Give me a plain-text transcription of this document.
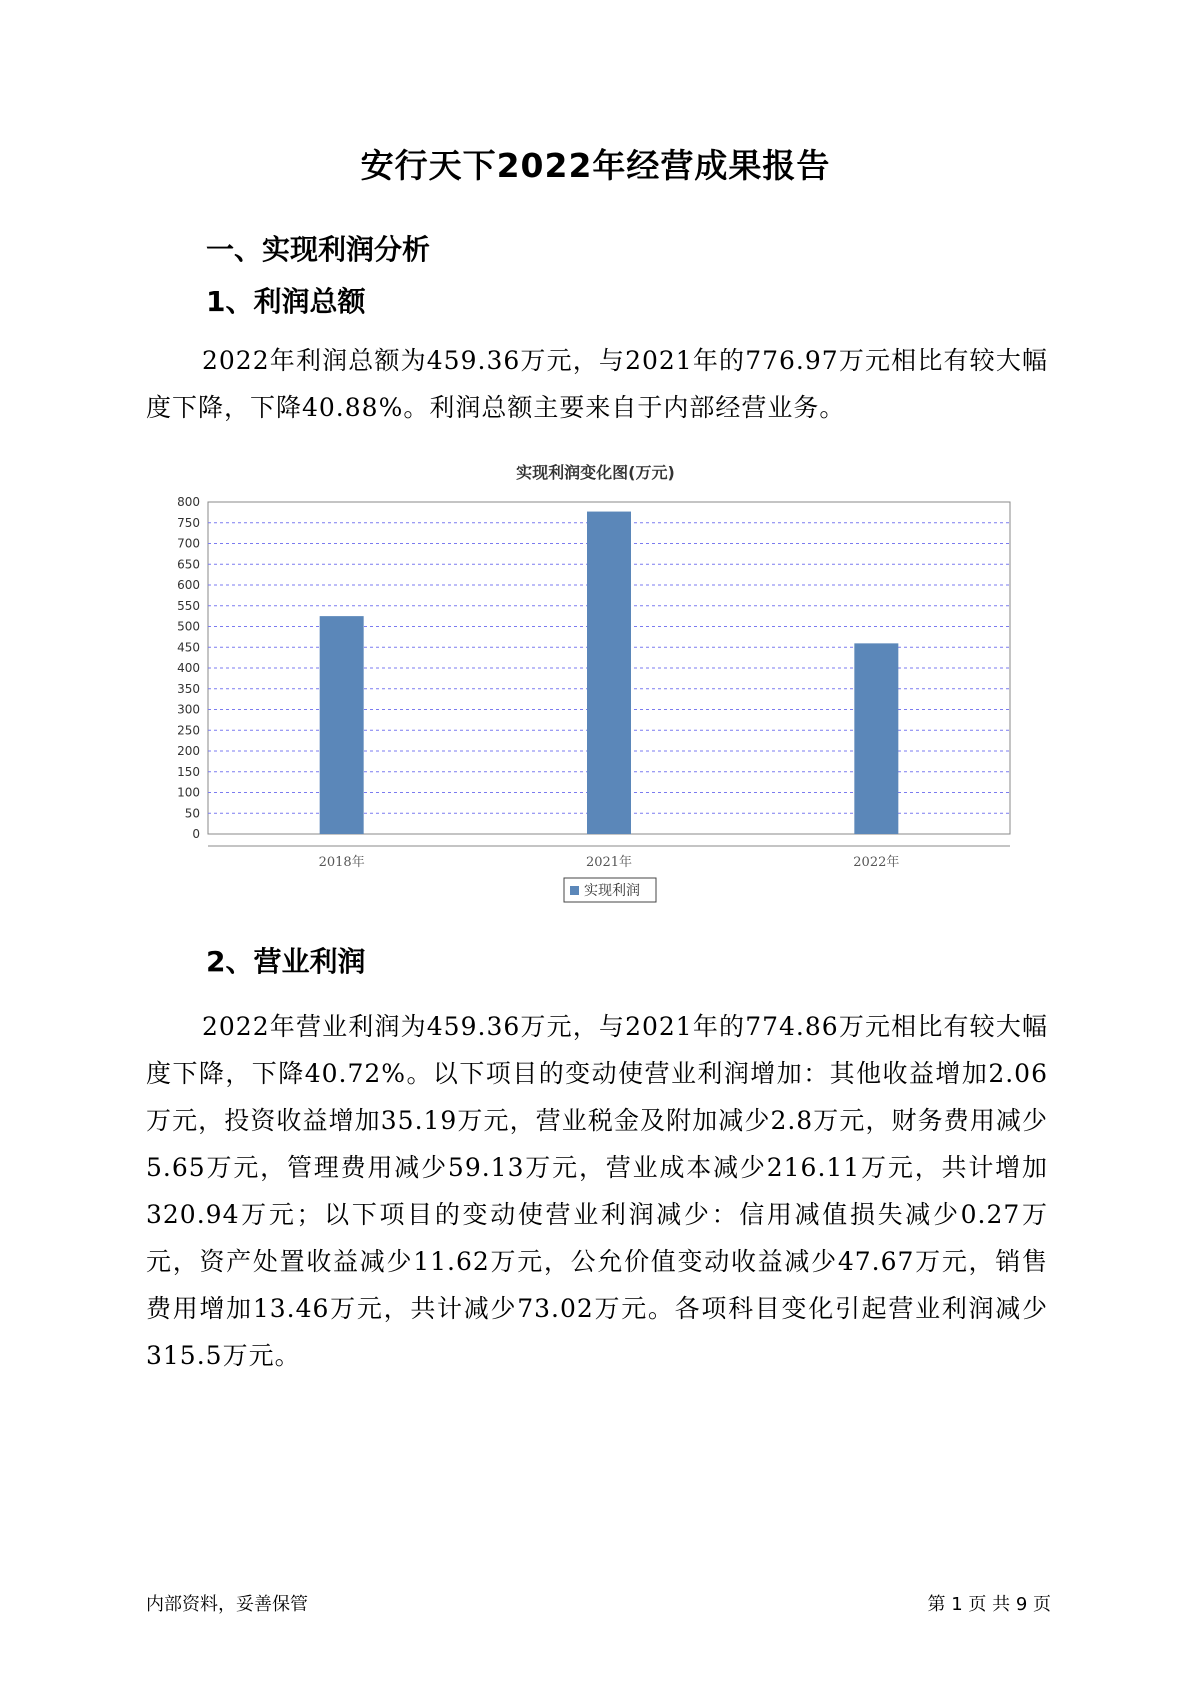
安行天下2022年经营成果报告
一、实现利润分析
1、利润总额
2022年利润总额为459.36万元，与2021年的776.97万元相比有较大幅度下降，下降40.88%。利润总额主要来自于内部经营业务。
实现利润变化图(万元)
0
50
100
150
200
250
300
350
400
450
500
550
600
650
700
750
800
2018年	2021年	2022年
实现利润
2、营业利润
2022年营业利润为459.36万元，与2021年的774.86万元相比有较大幅度下降，下降40.72%。以下项目的变动使营业利润增加：其他收益增加2.06万元，投资收益增加35.19万元，营业税金及附加减少2.8万元，财务费用减少5.65万元，管理费用减少59.13万元，营业成本减少216.11万元，共计增加320.94万元；以下项目的变动使营业利润减少：信用减值损失减少0.27万元，资产处置收益减少11.62万元，公允价值变动收益减少47.67万元，销售费用增加13.46万元，共计减少73.02万元。各项科目变化引起营业利润减少315.5万元。
内部资料，妥善保管	第 1 页 共 9 页
